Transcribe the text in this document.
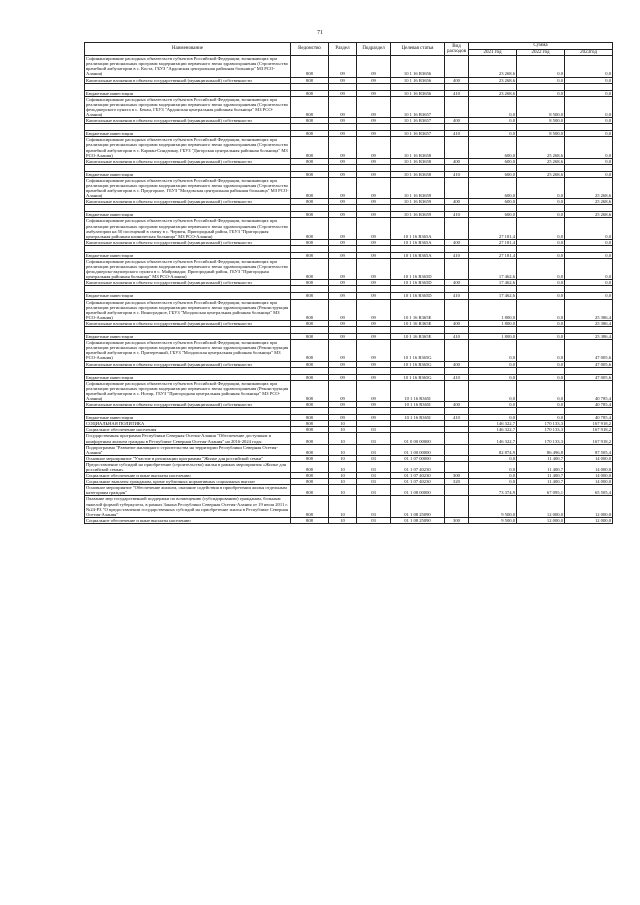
71
Наименование	Ведомство	Раздел	Подраздел	Целевая статья	Вид расходов	Сумма		
						2021 год	2022 год	2023год
Софинансирование расходных обязательств субъектов Российской Федерации, возникающих при реализации региональных программ модернизации первичного звена здравоохранения (Строительство врачебной амбулатории в с. Коста, ГБУЗ "Ардонская центральная районная больница" МЗ РСО-Алания)	808	09	09	10 1 16 R3656		23 268,6	0,0	0,0
Капитальные вложения в объекты государственной (муниципальной) собственности	808	09	09	10 1 16 R3656	400	23 268,6	0,0	0,0

Бюджетные инвестиции	808	09	09	10 1 16 R3656	410	23 268,6	0,0	0,0
Софинансирование расходных обязательств субъектов Российской Федерации, возникающих при реализации региональных программ модернизации первичного звена здравоохранения (Строительство фельдшерского пункта в с. Бекан, ГБУЗ "Ардонская центральная районная больница" МЗ РСО-Алания)	808	09	09	10 1 16 R3657		0,0	8 500,0	0,0
Капитальные вложения в объекты государственной (муниципальной) собственности	808	09	09	10 1 16 R3657	400	0,0	8 500,0	0,0

Бюджетные инвестиции	808	09	09	10 1 16 R3657	410	0,0	8 500,0	0,0
Софинансирование расходных обязательств субъектов Российской Федерации, возникающих при реализации региональных программ модернизации первичного звена здравоохранения (Строительство врачебной амбулатории в с. Карман-Синдзикау, ГБУЗ "Дигорская центральная районная больница" МЗ РСО-Алания)	808	09	09	10 1 16 R3658		600,0	25 268,6	0,0
Капитальные вложения в объекты государственной (муниципальной) собственности	808	09	09	10 1 16 R3658	400	600,0	25 268,6	0,0

Бюджетные инвестиции	808	09	09	10 1 16 R3658	410	600,0	25 268,6	0,0
Софинансирование расходных обязательств субъектов Российской Федерации, возникающих при реализации региональных программ модернизации первичного звена здравоохранения (Строительство врачебной амбулатории в с. Предгорное, ГБУЗ "Моздокская центральная районная больница" МЗ РСО-Алания)	808	09	09	10 1 16 R3659		600,0	0,0	25 268,6
Капитальные вложения в объекты государственной (муниципальной) собственности	808	09	09	10 1 16 R3659	400	600,0	0,0	25 268,6

Бюджетные инвестиции	808	09	09	10 1 16 R3659	410	600,0	0,0	25 268,6
Софинансирование расходных обязательств субъектов Российской Федерации, возникающих при реализации региональных программ модернизации первичного звена здравоохранения (Строительство амбулатории на 50 посещений в смену в с. Чермен, Пригородный район, ГБУЗ "Пригородная центральная районная клиническая больница" МЗ РСО-Алания)	808	09	09	10 1 16 R365A		27 181,4	0,0	0,0
Капитальные вложения в объекты государственной (муниципальной) собственности	808	09	09	10 1 16 R365A	400	27 181,4	0,0	0,0

Бюджетные инвестиции	808	09	09	10 1 16 R365A	410	27 181,4	0,0	0,0
Софинансирование расходных обязательств субъектов Российской Федерации, возникающих при реализации региональных программ модернизации первичного звена здравоохранения (Строительство фельдшерско-акушерского пункта в с. Майрамадаг, Пригородный район, ГБУЗ "Пригородная центральная районная больница" МЗ РСО-Алания)	808	09	09	10 1 16 R365D		17 462,6	0,0	0,0
Капитальные вложения в объекты государственной (муниципальной) собственности	808	09	09	10 1 16 R365D	400	17 462,6	0,0	0,0

Бюджетные инвестиции	808	09	09	10 1 16 R365D	410	17 462,6	0,0	0,0
Софинансирование расходных обязательств субъектов Российской Федерации, возникающих при реализации региональных программ модернизации первичного звена здравоохранения (Реконструкция врачебной амбулатории в с. Виноградное, ГБУЗ "Моздокская центральная районная больница" МЗ РСО-Алания)	808	09	09	10 1 16 R365E		1 800,0	0,0	25 386,4
Капитальные вложения в объекты государственной (муниципальной) собственности	808	09	09	10 1 16 R365E	400	1 800,0	0,0	25 386,4

Бюджетные инвестиции	808	09	09	10 1 16 R365E	410	1 800,0	0,0	25 386,4
Софинансирование расходных обязательств субъектов Российской Федерации, возникающих при реализации региональных программ модернизации первичного звена здравоохранения (Реконструкция врачебной амбулатории в с. Притеречный, ГБУЗ "Моздокская центральная районная больница" МЗ РСО-Алания)	808	09	09	10 1 16 R365G		0,0	0,0	47 005,6
Капитальные вложения в объекты государственной (муниципальной) собственности	808	09	09	10 1 16 R365G	400	0,0	0,0	47 005,6

Бюджетные инвестиции	808	09	09	10 1 16 R365G	410	0,0	0,0	47 005,6
Софинансирование расходных обязательств субъектов Российской Федерации, возникающих при реализации региональных программ модернизации первичного звена здравоохранения (Реконструкция врачебной амбулатории в с. Ногир, ГБУЗ "Пригородная центральная районная больница" МЗ РСО-Алания)	808	09	09	10 1 16 R365I		0,0	0,0	40 785,4
Капитальные вложения в объекты государственной (муниципальной) собственности	808	09	09	10 1 16 R365I	400	0,0	0,0	40 785,4

Бюджетные инвестиции	808	09	09	10 1 16 R365I	410	0,0	0,0	40 785,4
СОЦИАЛЬНАЯ ПОЛИТИКА	808	10				146 322,7	170 133,3	167 918,2
Социальное обеспечение населения	808	10	03			146 322,7	170 133,3	167 918,2
Государственная программа Республики Северная Осетия-Алания "Обеспечение доступным и комфортным жильем граждан в Республике Северная Осетия-Алания" на 2016-2024 годы	808	10	03	01 0 00 00000		146 322,7	170 133,3	167 918,2
Подпрограмма "Развитие жилищного строительства на территории Республики Северная Осетия-Алания"	808	10	03	01 1 00 00000		82 874,9	86 496,8	87 505,4
Основное мероприятие "Участие в реализации программы "Жилье для российской семьи"	808	10	03	01 1 07 00000		0,0	11 400,7	14 000,0
Предоставление субсидий на приобретение (строительство) жилья в рамках мероприятия «Жилье для российской семьи»	808	10	03	01 1 07 40230		0,0	11 400,7	14 000,0
Социальное обеспечение и иные выплаты населению	808	10	03	01 1 07 40230	300	0,0	11 400,7	14 000,0
Социальные выплаты гражданам, кроме публичных нормативных социальных выплат	808	10	03	01 1 07 40230	320	0,0	11 400,7	14 000,0
Основное мероприятие "Обеспечение жильем, оказание содействия в приобретении жилья отдельным категориям граждан"	808	10	03	01 1 08 00000		73 374,9	67 095,1	65 505,4
Оказание мер государственной поддержки по возмещению (субсидированию) гражданам, больным тяжелой формой туберкулеза, в рамках Закона Республики Северная Осетия-Алания от 19 июля 2011 г. №24-РЗ "О предоставлении государственных субсидий на приобретение жилья в Республике Северная Осетия-Алания"	808	10	03	01 1 08 25090		9 500,0	12 000,0	12 000,0
Социальное обеспечение и иные выплаты населению	808	10	03	01 1 08 25090	300	9 500,0	12 000,0	12 000,0
